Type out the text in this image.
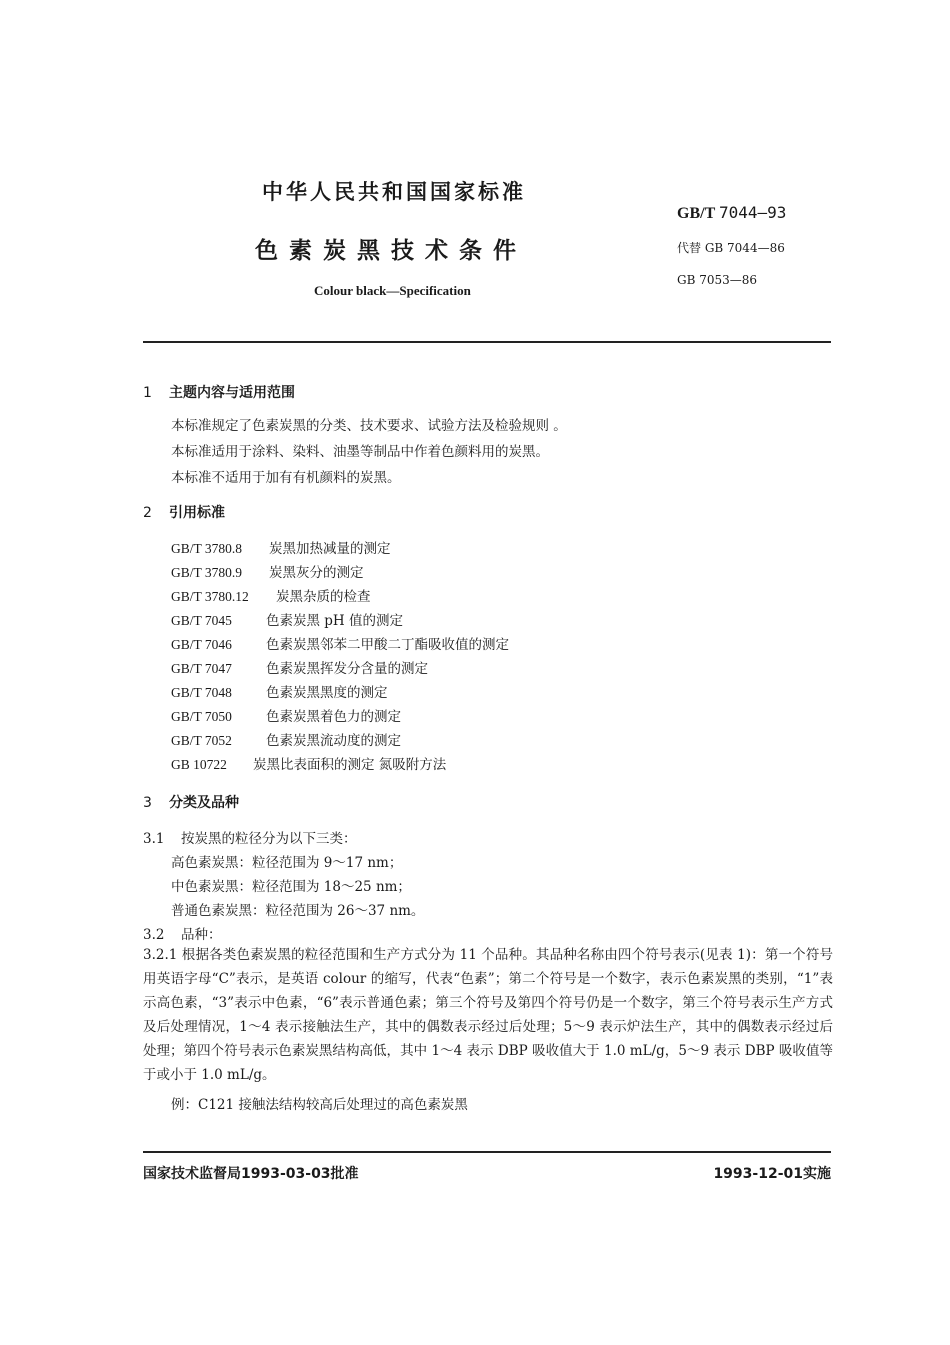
中华人民共和国国家标准
色素炭黑技术条件
Colour black—Specification
GB/T 7044—93
代替 GB 7044—86
GB 7053—86
1 主题内容与适用范围
本标准规定了色素炭黑的分类、技术要求、试验方法及检验规则 。
本标准适用于涂料、染料、油墨等制品中作着色颜料用的炭黑。
本标准不适用于加有有机颜料的炭黑。
2 引用标准
GB/T 3780.8 炭黑加热减量的测定
GB/T 3780.9 炭黑灰分的测定
GB/T 3780.12 炭黑杂质的检查
GB/T 7045	色素炭黑 pH 值的测定
GB/T 7046	色素炭黑邻苯二甲酸二丁酯吸收值的测定
GB/T 7047	色素炭黑挥发分含量的测定
GB/T 7048	色素炭黑黑度的测定
GB/T 7050	色素炭黑着色力的测定
GB/T 7052	色素炭黑流动度的测定
GB 10722 炭黑比表面积的测定 氮吸附方法
3 分类及品种
3.1 按炭黑的粒径分为以下三类：
高色素炭黑：粒径范围为 9～17 nm；
中色素炭黑：粒径范围为 18～25 nm；
普通色素炭黑：粒径范围为 26～37 nm。
3.2 品种：
3.2.1 根据各类色素炭黑的粒径范围和生产方式分为 11 个品种。其品种名称由四个符号表示(见表 1)：第一个符号用英语字母“C”表示，是英语 colour 的缩写，代表“色素”；第二个符号是一个数字，表示色素炭黑的类别，“1”表示高色素，“3”表示中色素，“6”表示普通色素；第三个符号及第四个符号仍是一个数字，第三个符号表示生产方式及后处理情况，1～4 表示接触法生产，其中的偶数表示经过后处理；5～9 表示炉法生产，其中的偶数表示经过后处理；第四个符号表示色素炭黑结构高低，其中 1～4 表示 DBP 吸收值大于 1.0 mL/g，5～9 表示 DBP 吸收值等于或小于 1.0 mL/g。
例：C121 接触法结构较高后处理过的高色素炭黑
国家技术监督局1993-03-03批准	1993-12-01实施
